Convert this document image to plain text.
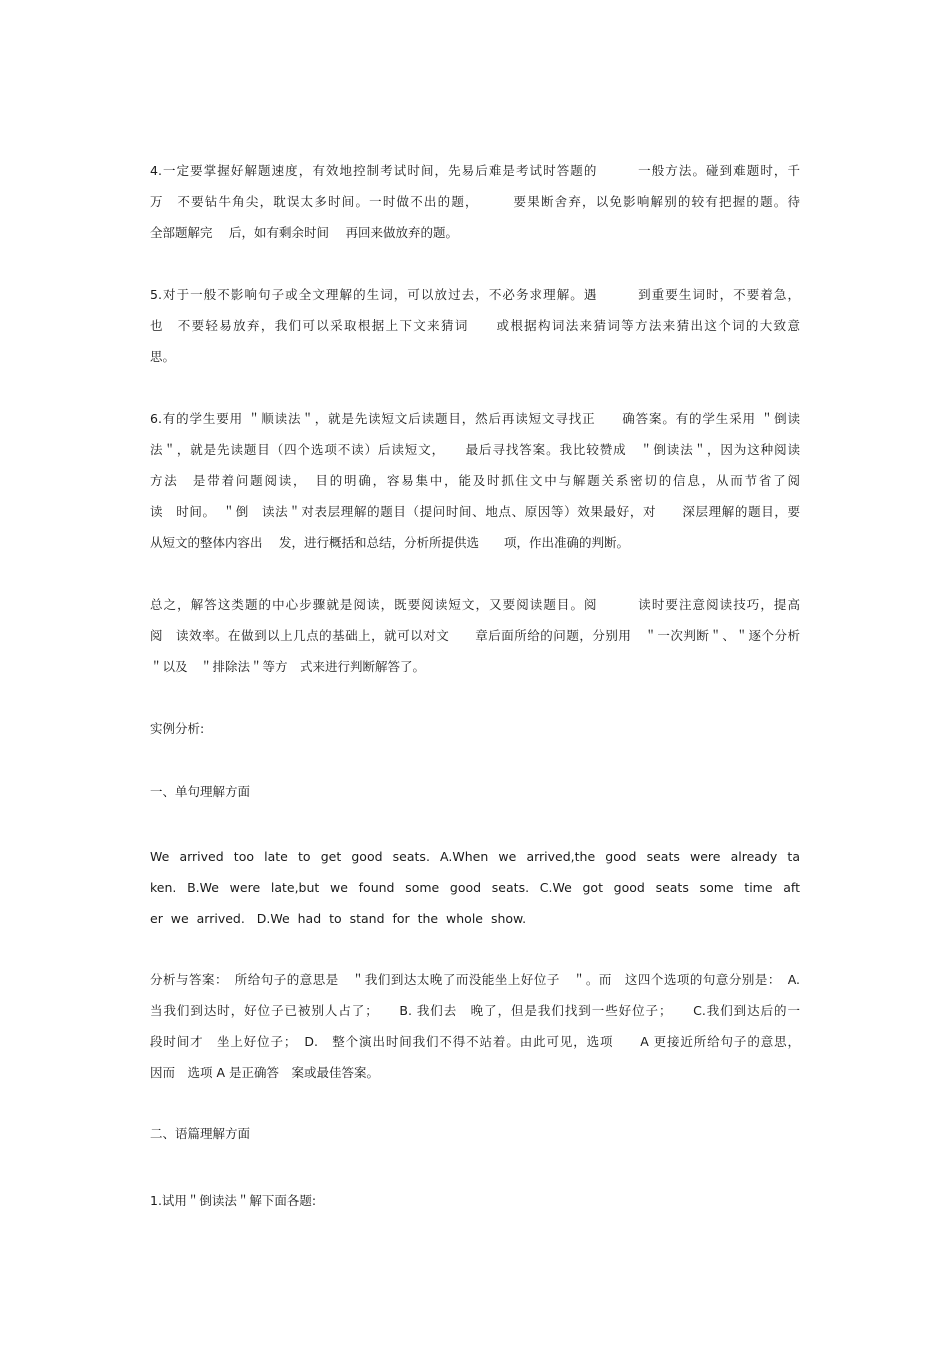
4.一定要掌握好解题速度，有效地控制考试时间，先易后难是考试时答题的　　　一般方法。碰到难题时，千
万　不要钻牛角尖，耽误太多时间。一时做不出的题，　　　要果断舍弃，以免影响解别的较有把握的题。待
全部题解完　 后，如有剩余时间　 再回来做放弃的题。
5.对于一般不影响句子或全文理解的生词，可以放过去，不必务求理解。遇　　　到重要生词时，不要着急，
也　不要轻易放弃，我们可以采取根据上下文来猜词　　或根据构词法来猜词等方法来猜出这个词的大致意
思。
6.有的学生要用 ＂顺读法＂，就是先读短文后读题目，然后再读短文寻找正　　确答案。有的学生采用 ＂倒读
法＂，就是先读题目（四个选项不读）后读短文，　　最后寻找答案。我比较赞成　＂倒读法＂，因为这种阅读
方法　是带着问题阅读，　目的明确，容易集中，能及时抓住文中与解题关系密切的信息，从而节省了阅
读　时间。　＂倒　读法＂对表层理解的题目（提问时间、地点、原因等）效果最好，对　　深层理解的题目，要
从短文的整体内容出　 发，进行概括和总结，分析所提供选　　项，作出准确的判断。
总之，解答这类题的中心步骤就是阅读，既要阅读短文，又要阅读题目。阅　　　读时要注意阅读技巧，提高
阅　读效率。在做到以上几点的基础上，就可以对文　　章后面所给的问题，分别用　＂一次判断＂、＂逐个分析
＂以及　＂排除法＂等方　式来进行判断解答了。
实例分析:
一、单句理解方面
We arrived too late to get good seats. A.When we arrived,the good seats were already ta
ken. B.We were late,but we found some good seats. C.We got good seats some time aft
er  we  arrived.   D.We  had  to  stand  for  the  whole  show.
分析与答案：　所给句子的意思是　＂我们到达太晚了而没能坐上好位子　＂。而　这四个选项的句意分别是：　A.
当我们到达时，好位子已被别人占了；　　B. 我们去　晚了，但是我们找到一些好位子；　　C.我们到达后的一
段时间才　坐上好位子；　D.　整个演出时间我们不得不站着。由此可见，选项　　A 更接近所给句子的意思，
因而　选项 A 是正确答　案或最佳答案。
二、语篇理解方面
1.试用＂倒读法＂解下面各题:
